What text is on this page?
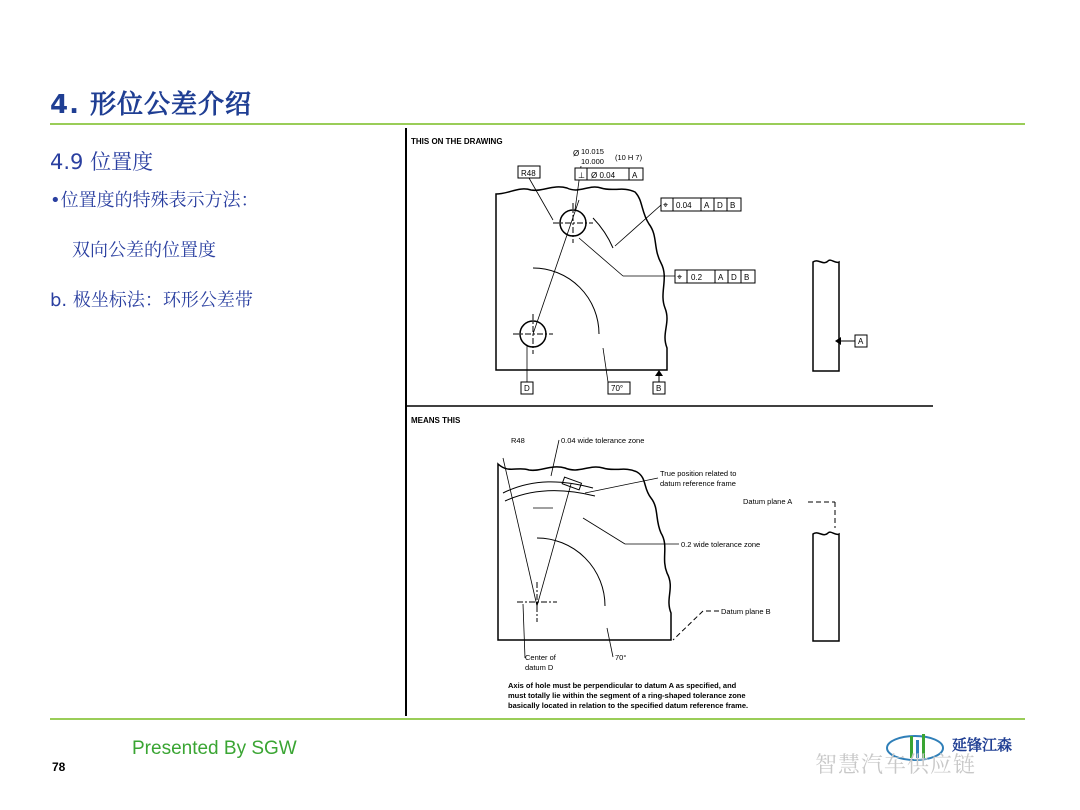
4. 形位公差介绍
4.9 位置度
•位置度的特殊表示方法：
双向公差的位置度
b. 极坐标法：环形公差带
THIS ON THE DRAWING
R48
Ø 10.015
10.000 (10 H 7)
⊥ Ø 0.04 A
⌖ 0.04 A D B
⌖ 0.2 A D B
D	70°	B
A
MEANS THIS
R48	0.04 wide tolerance zone
True position related to
datum reference frame
Datum plane A
0.2 wide tolerance zone
Datum plane B
Center of
datum D
70°
Axis of hole must be perpendicular to datum A as specified, and
must totally lie within the segment of a ring-shaped tolerance zone
basically located in relation to the specified datum reference frame.
Presented By SGW
78
延锋江森
智慧汽车供应链
